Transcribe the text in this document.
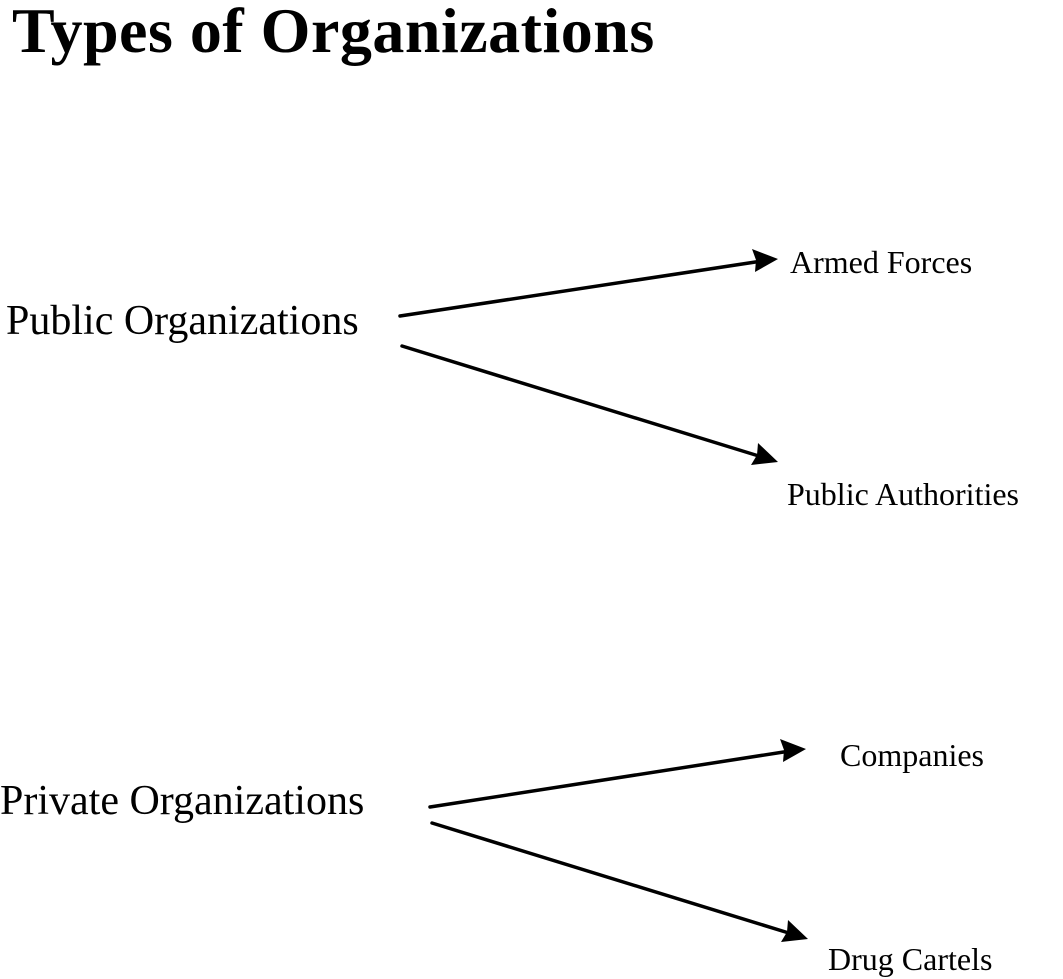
Types of Organizations
Public Organizations
Armed Forces
Public Authorities
Private Organizations
Companies
Drug Cartels
